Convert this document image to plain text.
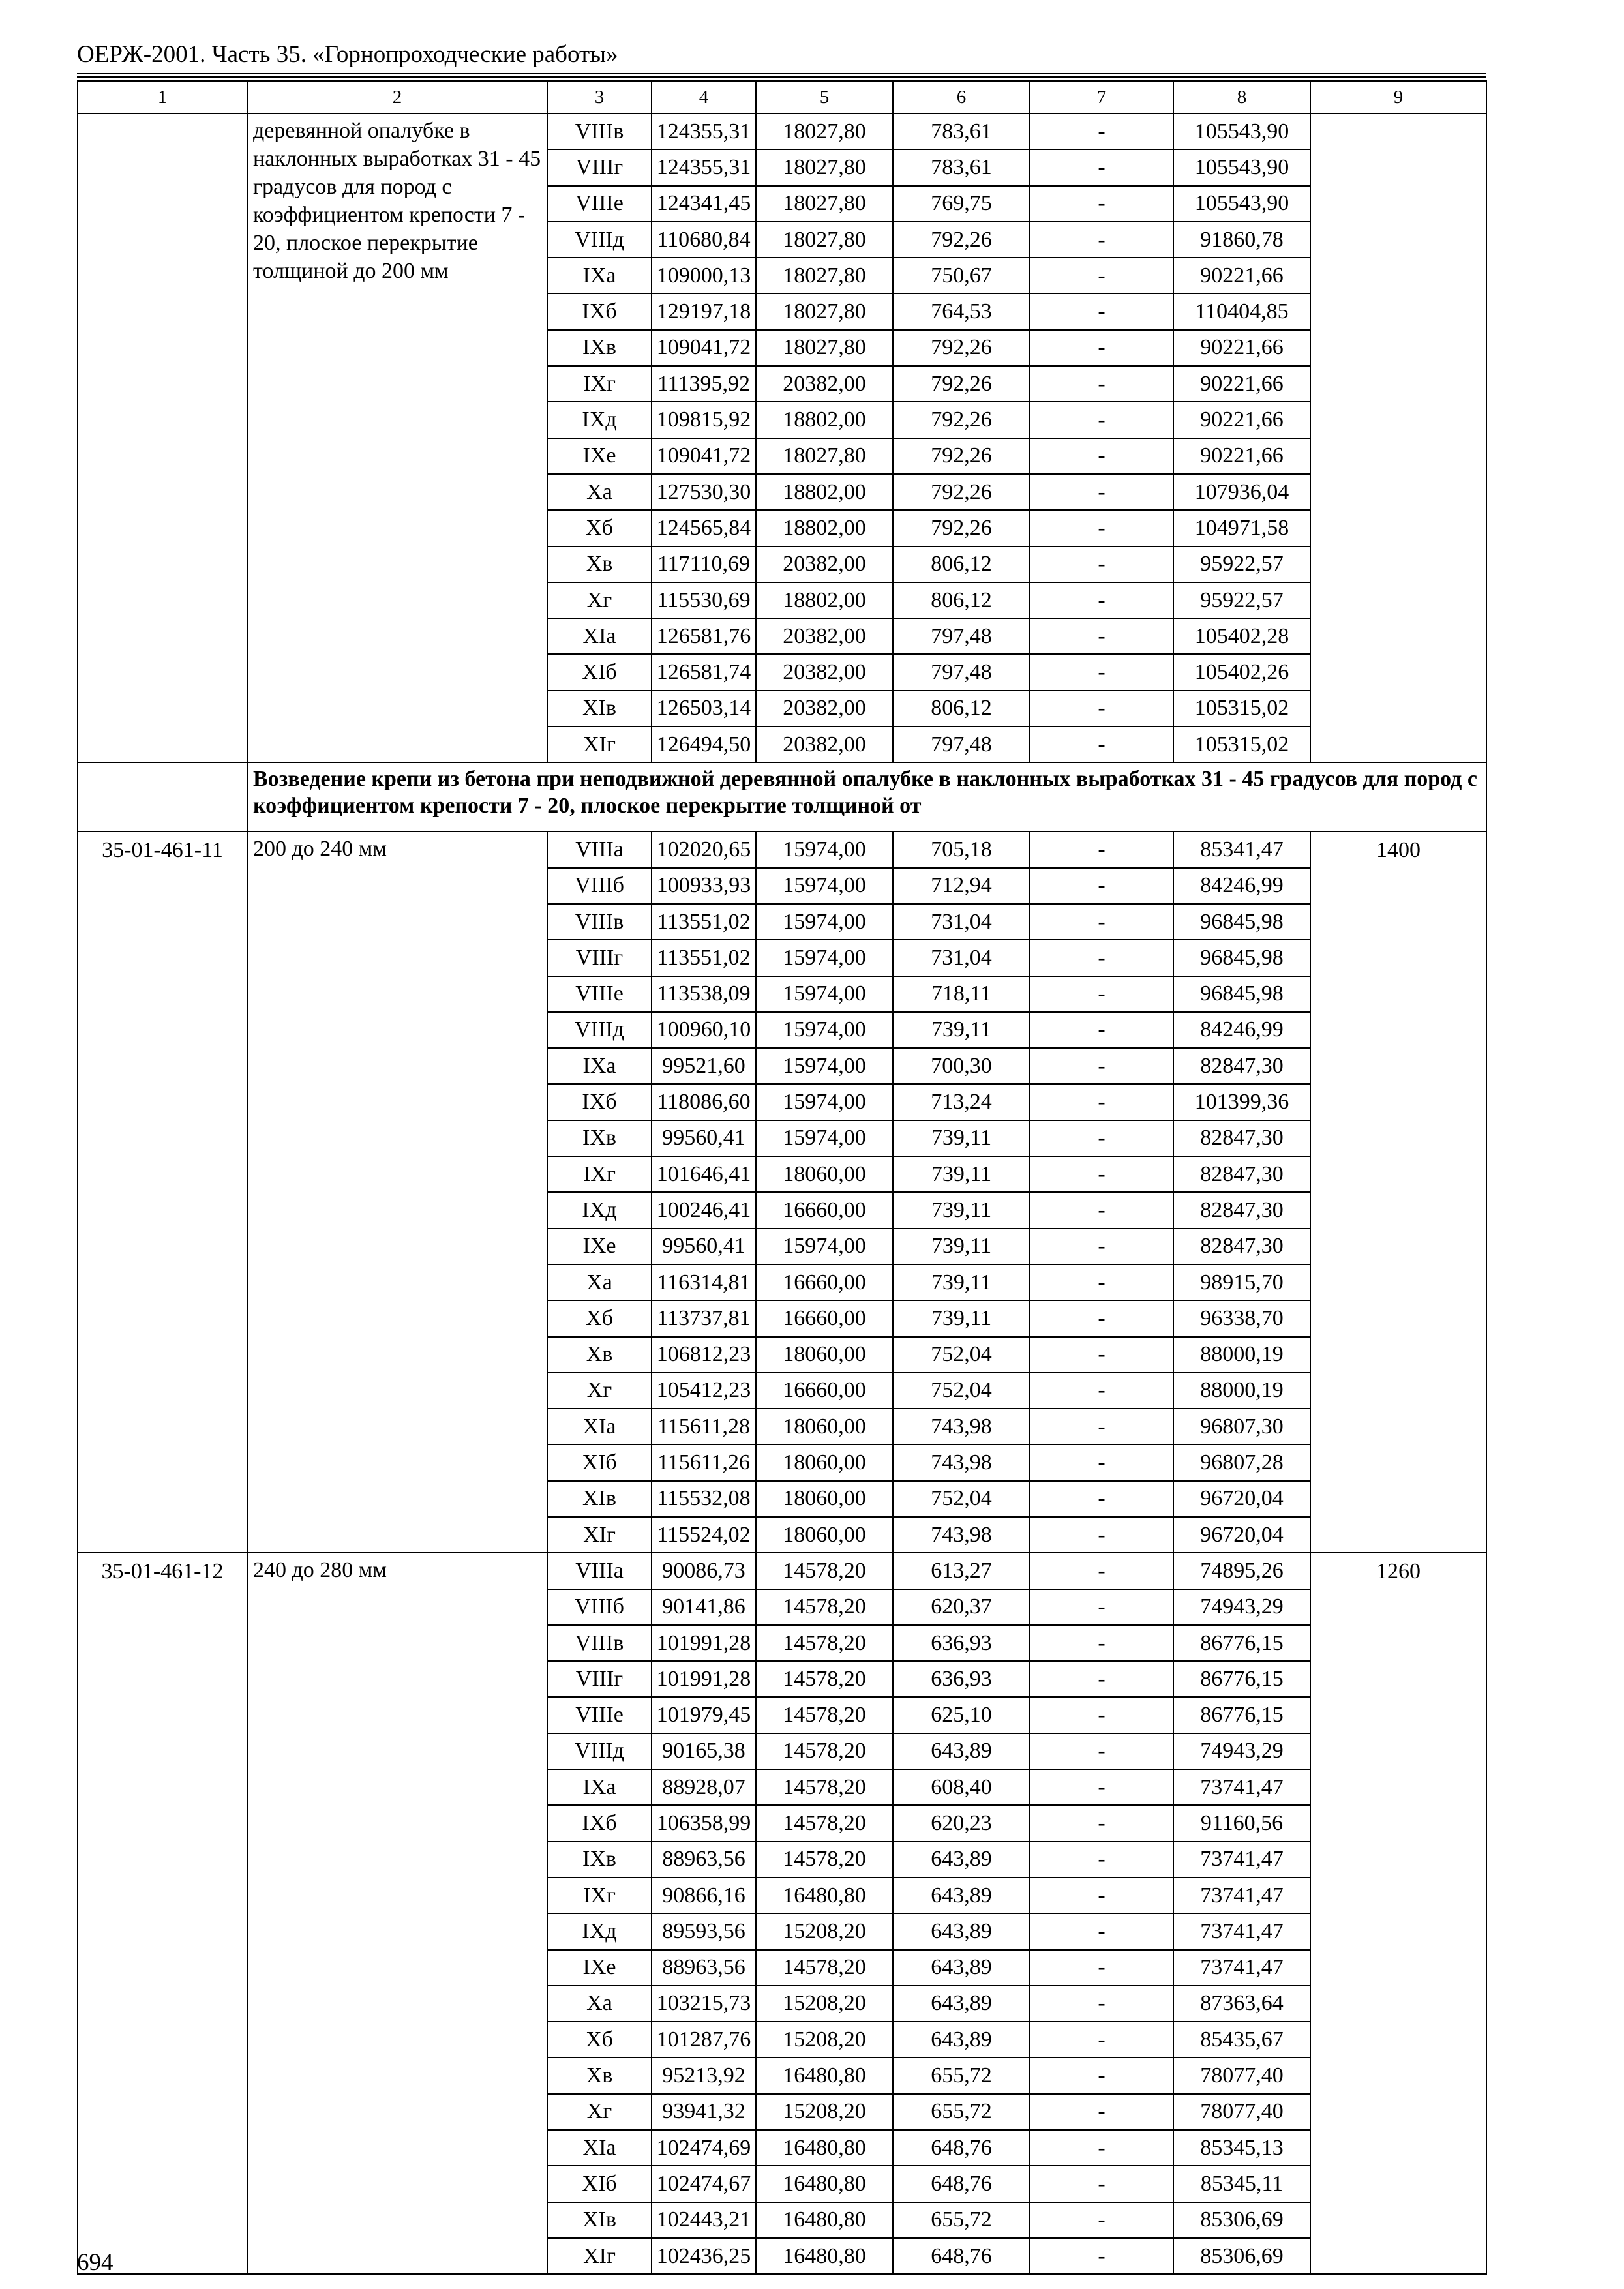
ОЕРЖ-2001. Часть 35. «Горнопроходческие работы»
1	2	3	4	5	6	7	8	9
	деревянной опалубке в наклонных выработках 31 - 45 градусов для пород с коэффициентом крепости 7 - 20, плоское перекрытие толщиной до 200 мм	VIIIв	124355,31	18027,80	783,61	-	105543,90	
		VIIIг	124355,31	18027,80	783,61	-	105543,90	
		VIIIе	124341,45	18027,80	769,75	-	105543,90	
		VIIIд	110680,84	18027,80	792,26	-	91860,78	
		IXа	109000,13	18027,80	750,67	-	90221,66	
		IXб	129197,18	18027,80	764,53	-	110404,85	
		IXв	109041,72	18027,80	792,26	-	90221,66	
		IXг	111395,92	20382,00	792,26	-	90221,66	
		IXд	109815,92	18802,00	792,26	-	90221,66	
		IXе	109041,72	18027,80	792,26	-	90221,66	
		Xа	127530,30	18802,00	792,26	-	107936,04	
		Xб	124565,84	18802,00	792,26	-	104971,58	
		Xв	117110,69	20382,00	806,12	-	95922,57	
		Xг	115530,69	18802,00	806,12	-	95922,57	
		XIа	126581,76	20382,00	797,48	-	105402,28	
		XIб	126581,74	20382,00	797,48	-	105402,26	
		XIв	126503,14	20382,00	806,12	-	105315,02	
		XIг	126494,50	20382,00	797,48	-	105315,02	
	Возведение крепи из бетона при неподвижной деревянной опалубке в наклонных выработках 31 - 45 градусов для пород с коэффициентом крепости 7 - 20, плоское перекрытие толщиной от							
35-01-461-11	200 до 240 мм	VIIIа	102020,65	15974,00	705,18	-	85341,47	1400
		VIIIб	100933,93	15974,00	712,94	-	84246,99	
		VIIIв	113551,02	15974,00	731,04	-	96845,98	
		VIIIг	113551,02	15974,00	731,04	-	96845,98	
		VIIIе	113538,09	15974,00	718,11	-	96845,98	
		VIIIд	100960,10	15974,00	739,11	-	84246,99	
		IXа	99521,60	15974,00	700,30	-	82847,30	
		IXб	118086,60	15974,00	713,24	-	101399,36	
		IXв	99560,41	15974,00	739,11	-	82847,30	
		IXг	101646,41	18060,00	739,11	-	82847,30	
		IXд	100246,41	16660,00	739,11	-	82847,30	
		IXе	99560,41	15974,00	739,11	-	82847,30	
		Xа	116314,81	16660,00	739,11	-	98915,70	
		Xб	113737,81	16660,00	739,11	-	96338,70	
		Xв	106812,23	18060,00	752,04	-	88000,19	
		Xг	105412,23	16660,00	752,04	-	88000,19	
		XIа	115611,28	18060,00	743,98	-	96807,30	
		XIб	115611,26	18060,00	743,98	-	96807,28	
		XIв	115532,08	18060,00	752,04	-	96720,04	
		XIг	115524,02	18060,00	743,98	-	96720,04	
35-01-461-12	240 до 280 мм	VIIIа	90086,73	14578,20	613,27	-	74895,26	1260
		VIIIб	90141,86	14578,20	620,37	-	74943,29	
		VIIIв	101991,28	14578,20	636,93	-	86776,15	
		VIIIг	101991,28	14578,20	636,93	-	86776,15	
		VIIIе	101979,45	14578,20	625,10	-	86776,15	
		VIIIд	90165,38	14578,20	643,89	-	74943,29	
		IXа	88928,07	14578,20	608,40	-	73741,47	
		IXб	106358,99	14578,20	620,23	-	91160,56	
		IXв	88963,56	14578,20	643,89	-	73741,47	
		IXг	90866,16	16480,80	643,89	-	73741,47	
		IXд	89593,56	15208,20	643,89	-	73741,47	
		IXе	88963,56	14578,20	643,89	-	73741,47	
		Xа	103215,73	15208,20	643,89	-	87363,64	
		Xб	101287,76	15208,20	643,89	-	85435,67	
		Xв	95213,92	16480,80	655,72	-	78077,40	
		Xг	93941,32	15208,20	655,72	-	78077,40	
		XIа	102474,69	16480,80	648,76	-	85345,13	
		XIб	102474,67	16480,80	648,76	-	85345,11	
		XIв	102443,21	16480,80	655,72	-	85306,69	
		XIг	102436,25	16480,80	648,76	-	85306,69	
694
